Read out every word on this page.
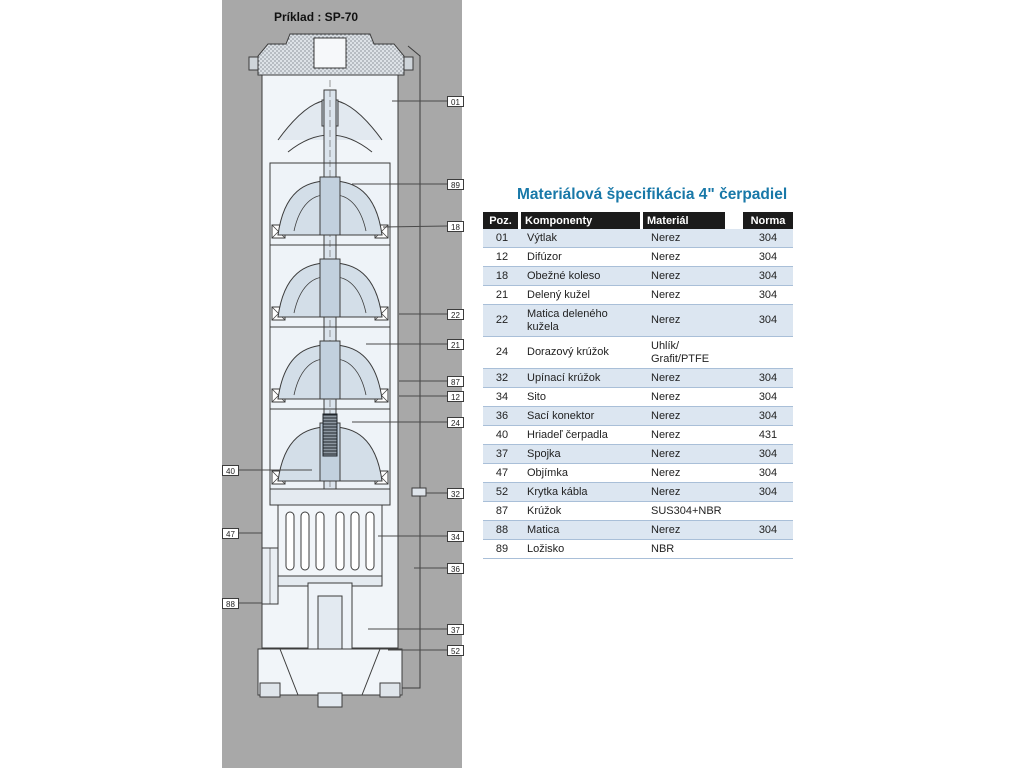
Príklad : SP-70
01
89
18
22
21
87
12
24
40
32
47	34
36
88
37
52
Materiálová špecifikácia 4" čerpadiel
Poz.	Komponenty	Materiál	Norma
01	Výtlak	Nerez	304
12	Difúzor	Nerez	304
18	Obežné koleso	Nerez	304
21	Delený kužel	Nerez	304
22	Matica deleného kužela	Nerez	304
24	Dorazový krúžok	Uhlík/
Grafit/PTFE	
32	Upínací krúžok	Nerez	304
34	Sito	Nerez	304
36	Sací konektor	Nerez	304
40	Hriadeľ čerpadla	Nerez	431
37	Spojka	Nerez	304
47	Objímka	Nerez	304
52	Krytka kábla	Nerez	304
87	Krúžok	SUS304+NBR	
88	Matica	Nerez	304
89	Ložisko	NBR	
